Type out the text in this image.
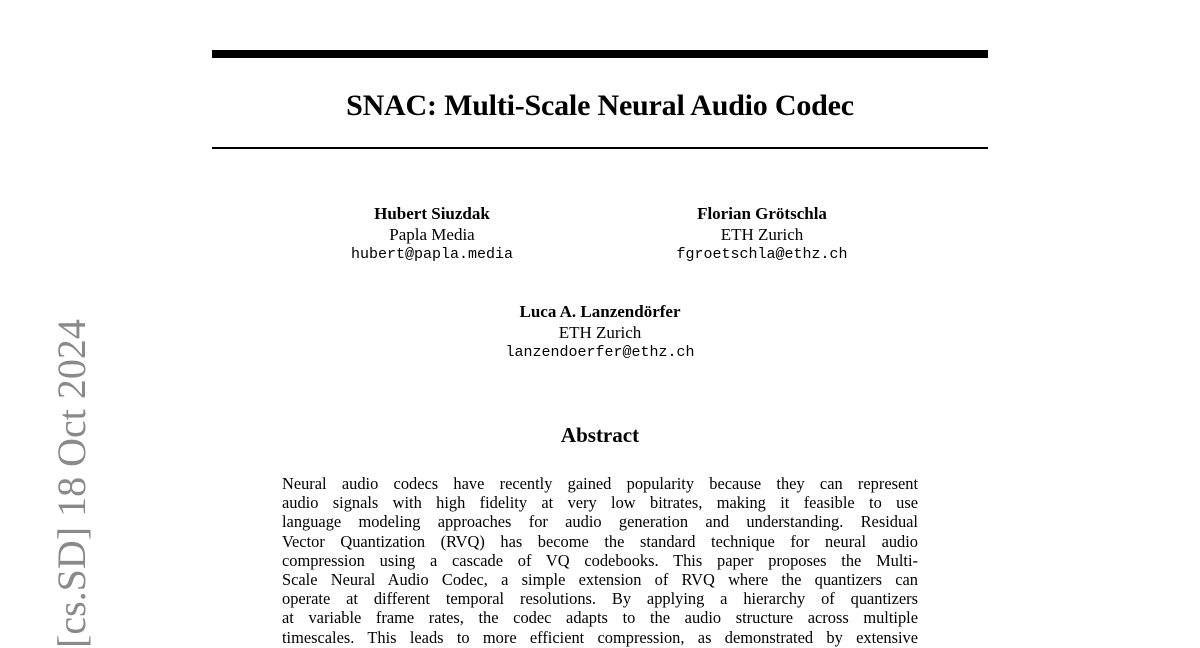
[cs.SD] 18 Oct 2024
SNAC: Multi-Scale Neural Audio Codec
Hubert Siuzdak
Papla Media
hubert@papla.media
Florian Grötschla
ETH Zurich
fgroetschla@ethz.ch
Luca A. Lanzendörfer
ETH Zurich
lanzendoerfer@ethz.ch
Abstract
Neural audio codecs have recently gained popularity because they can represent
audio signals with high fidelity at very low bitrates, making it feasible to use
language modeling approaches for audio generation and understanding. Residual
Vector Quantization (RVQ) has become the standard technique for neural audio
compression using a cascade of VQ codebooks. This paper proposes the Multi-
Scale Neural Audio Codec, a simple extension of RVQ where the quantizers can
operate at different temporal resolutions. By applying a hierarchy of quantizers
at variable frame rates, the codec adapts to the audio structure across multiple
timescales. This leads to more efficient compression, as demonstrated by extensive
